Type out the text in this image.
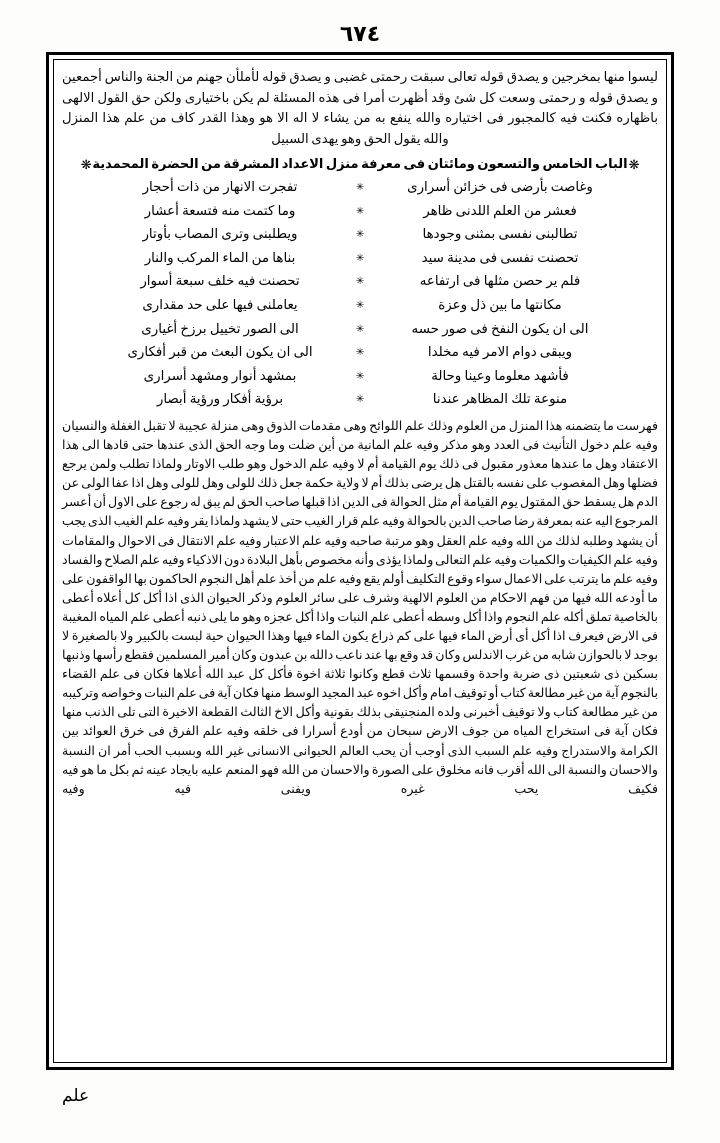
٦٧٤
ليسوا منها بمخرجين و يصدق قوله تعالى سبقت رحمتى غضبى و يصدق قوله لأملأن جهنم من الجنة والناس أجمعين
و يصدق قوله و رحمتى وسعت كل شئ وقد أظهرت أمرا فى هذه المسئلة لم يكن باختيارى ولكن حق القول الالهى
باظهاره فكنت فيه كالمجبور فى اختياره والله ينفع به من يشاء لا اله الا هو وهذا القدر كاف من علم هذا المنزل
والله يقول الحق وهو يهدى السبيل
❋الباب الخامس والتسعون ومائتان فى معرفة منزل الاعداد المشرقة من الحضرة المحمدية❋
وغاصت بأرضى فى خزائن أسرارى
✳
تفجرت الانهار من ذات أحجار
فعشر من العلم اللدنى ظاهر
✳
وما كتمت منه فتسعة أعشار
تطالبنى نفسى بمثنى وجودها
✳
ويطلبنى وترى المصاب بأوتار
تحصنت نفسى فى مدينة سيد
✳
بناها من الماء المركب والنار
فلم ير حصن مثلها فى ارتفاعه
✳
تحصنت فيه خلف سبعة أسوار
مكانتها ما بين ذل وعزة
✳
يعاملنى فيها على حد مقدارى
الى ان يكون النفخ فى صور حسه
✳
الى الصور تخييل برزخ أغيارى
ويبقى دوام الامر فيه مخلدا
✳
الى ان يكون البعث من قبر أفكارى
فأشهد معلوما وعينا وحالة
✳
بمشهد أنوار ومشهد أسرارى
منوعة تلك المظاهر عندنا
✳
برؤية أفكار ورؤية أبصار

فهرست ما يتضمنه هذا المنزل من العلوم وذلك علم اللوائح وهى مقدمات الذوق وهى منزلة عجيبة لا تقبل الغفلة والنسيان وفيه علم دخول التأنيث فى العدد وهو مذكر وفيه علم المانية من أين ضلت وما وجه الحق الذى عندها حتى قادها الى هذا الاعتقاد وهل ما عندها معذور مقبول فى ذلك يوم القيامة أم لا وفيه علم الدخول وهو طلب الاوتار ولماذا تطلب ولمن يرجع فضلها وهل المغصوب على نفسه بالقتل هل يرضى بذلك أم لا ولاية حكمة جعل ذلك للولى وهل للولى وهل اذا عفا الولى عن الدم هل يسقط حق المقتول يوم القيامة أم مثل الحوالة فى الدين اذا قبلها صاحب الحق لم يبق له رجوع على الاول أن أعسر المرجوع اليه عنه بمعرفة رضا صاحب الدين بالحوالة وفيه علم قرار الغيب حتى لا يشهد ولماذا يقر وفيه علم الغيب الذى يجب أن يشهد وطلبه لذلك من الله وفيه علم العقل وهو مرتبة صاحبه وفيه علم الاعتبار وفيه علم الانتقال فى الاحوال والمقامات وفيه علم الكيفيات والكميات وفيه علم التعالى ولماذا يؤذى وأنه مخصوص بأهل البلادة دون الاذكياء وفيه علم الصلاح والفساد وفيه علم ما يترتب على الاعمال سواء وقوع التكليف أولم يقع وفيه علم من أخذ علم أهل النجوم الحاكمون بها الواقفون على ما أودعه الله فيها من فهم الاحكام من العلوم الالهية وشرف على سائر العلوم وذكر الحيوان الذى اذا أكل كل أعلاه أعطى بالخاصية تملق أكله علم النجوم واذا أكل وسطه أعطى علم النبات واذا أكل عجزه وهو ما يلى ذنبه أعطى علم المياه المغيبة فى الارض فيعرف اذا أكل أى أرض الماء فيها على كم ذراع يكون الماء فيها وهذا الحيوان حية لبست بالكبير ولا بالصغيرة لا بوجد لا بالحوازن شابه من غرب الاندلس وكان قد وقع بها عند ناعب دالله بن عبدون وكان أمير المسلمين فقطع رأسها وذنبها بسكين ذى شعبتين ذى ضربة واحدة وقسمها ثلاث قطع وكانوا ثلاثة اخوة فأكل كل عبد الله أعلاها فكان فى علم القضاء بالنجوم آية من غير مطالعة كتاب أو توقيف امام وأكل اخوه عبد المجيد الوسط منها فكان آية فى علم النبات وخواصه وتركيبه من غير مطالعة كتاب ولا توقيف أخبرنى ولده المنجنيقى بذلك بقونية وأكل الاخ الثالث القطعة الاخيرة التى تلى الذنب منها فكان آية فى استخراج المياه من جوف الارض سبحان من أودع أسرارا فى خلقه وفيه علم الفرق فى خرق العوائد بين الكرامة والاستدراج وفيه علم السبب الذى أوجب أن يحب العالم الحيوانى الانسانى غير الله وبسبب الحب أمر ان النسبة والاحسان والنسبة الى الله أقرب فانه مخلوق على الصورة والاحسان من الله فهو المنعم عليه بايجاد عينه ثم بكل ما هو فيه فكيف يحب غيره ويفنى فيه وفيه

علم
